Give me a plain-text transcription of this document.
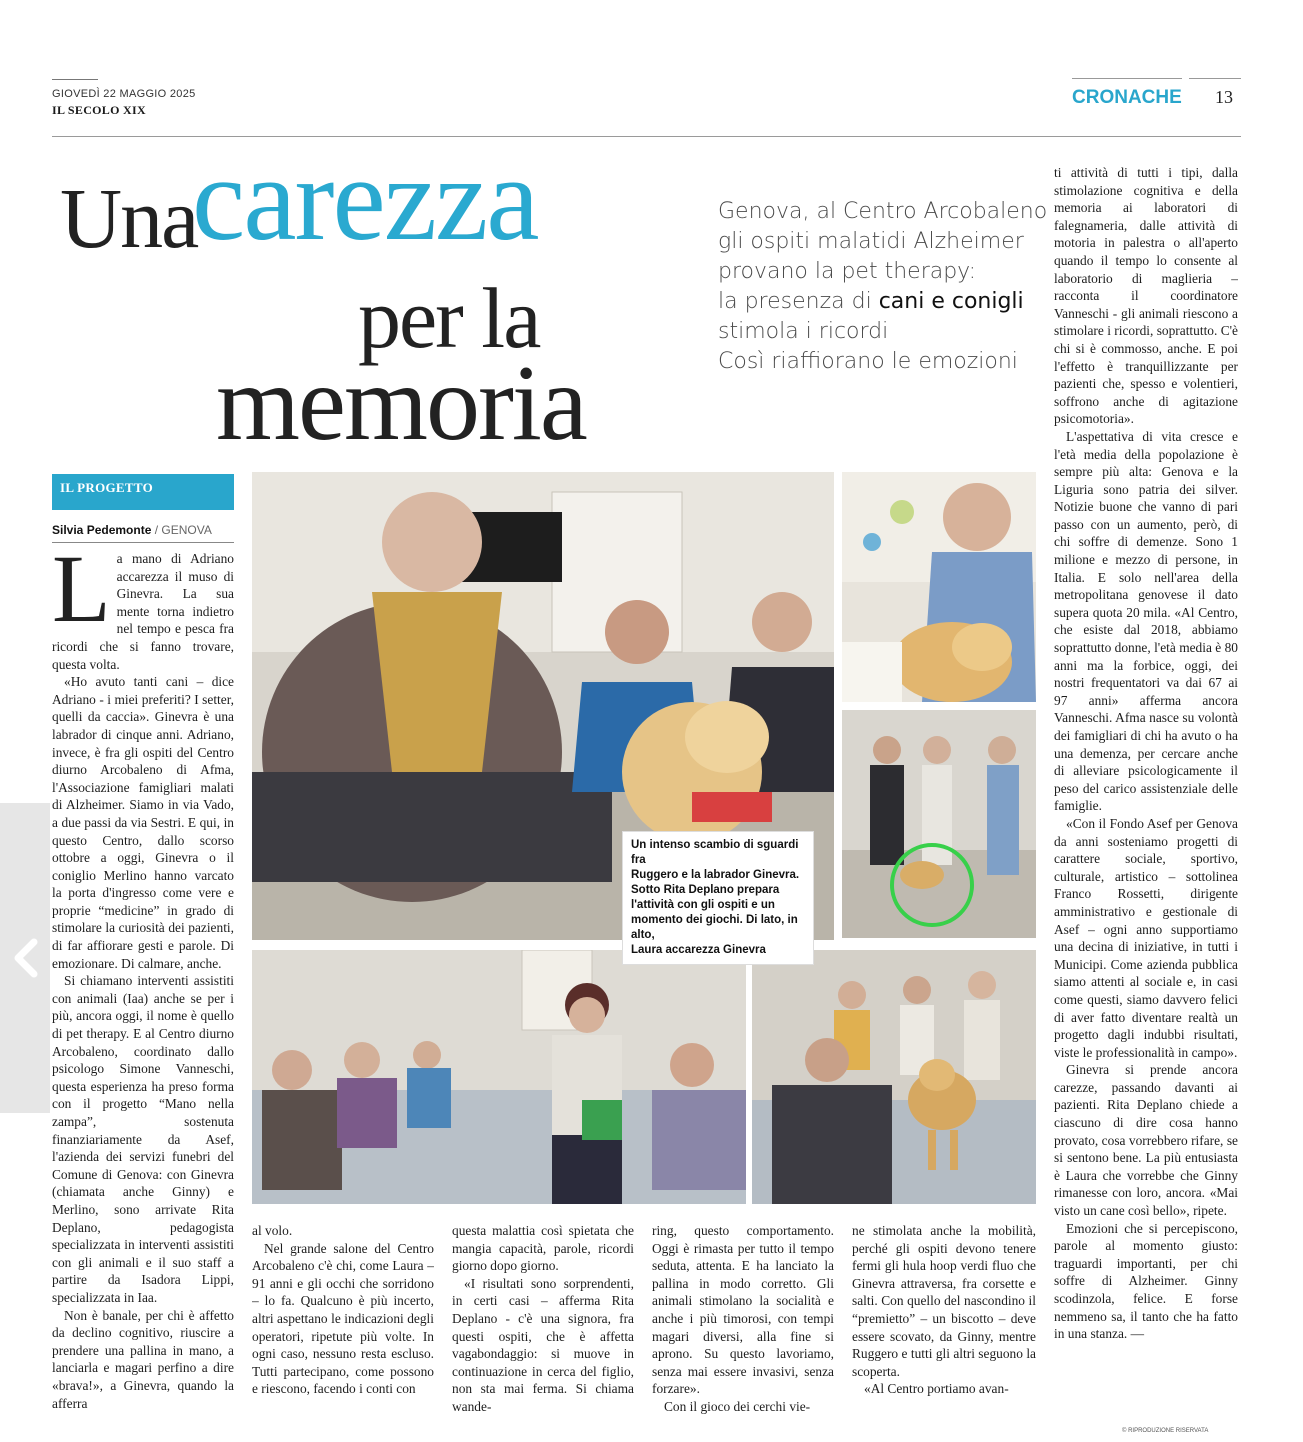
GIOVEDÌ 22 MAGGIO 2025
IL SECOLO XIX
CRONACHE 13
Una
carezza
per la
memoria
Genova, al Centro Arcobaleno
gli ospiti malatidi Alzheimer
provano la pet therapy:
la presenza di cani e conigli
stimola i ricordi
Così riaffiorano le emozioni
IL PROGETTO
Silvia Pedemonte / GENOVA

La mano di Adriano accarezza il muso di Ginevra. La sua mente torna indietro nel tempo e pesca fra ricordi che si fanno trovare, questa volta.

«Ho avuto tanti cani – dice Adriano - i miei preferiti? I setter, quelli da caccia». Ginevra è una labrador di cinque anni. Adriano, invece, è fra gli ospiti del Centro diurno Arcobaleno di Afma, l'Associazione famigliari malati di Alzheimer. Siamo in via Vado, a due passi da via Sestri. E qui, in questo Centro, dallo scorso ottobre a oggi, Ginevra o il coniglio Merlino hanno varcato la porta d'ingresso come vere e proprie “medicine” in grado di stimolare la curiosità dei pazienti, di far affiorare gesti e parole. Di emozionare. Di calmare, anche.

Si chiamano interventi assistiti con animali (Iaa) anche se per i più, ancora oggi, il nome è quello di pet therapy. E al Centro diurno Arcobaleno, coordinato dallo psicologo Simone Vanneschi, questa esperienza ha preso forma con il progetto “Mano nella zampa”, sostenuta finanziariamente da Asef, l'azienda dei servizi funebri del Comune di Genova: con Ginevra (chiamata anche Ginny) e Merlino, sono arrivate Rita Deplano, pedagogista specializzata in interventi assistiti con gli animali e il suo staff a partire da Isadora Lippi, specializzata in Iaa.

Non è banale, per chi è affetto da declino cognitivo, riuscire a prendere una pallina in mano, a lanciarla e magari perfino a dire «brava!», a Ginevra, quando la afferra

Un intenso scambio di sguardi fra
Ruggero e la labrador Ginevra.
Sotto Rita Deplano prepara
l'attività con gli ospiti e un
momento dei giochi. Di lato, in alto,
Laura accarezza Ginevra

al volo.

Nel grande salone del Centro Arcobaleno c'è chi, come Laura – 91 anni e gli occhi che sorridono – lo fa. Qualcuno è più incerto, altri aspettano le indicazioni degli operatori, ripetute più volte. In ogni caso, nessuno resta escluso. Tutti partecipano, come possono e riescono, facendo i conti con

questa malattia così spietata che mangia capacità, parole, ricordi giorno dopo giorno.

«I risultati sono sorprendenti, in certi casi – afferma Rita Deplano - c'è una signora, fra questi ospiti, che è affetta vagabondaggio: si muove in continuazione in cerca del figlio, non sta mai ferma. Si chiama wande-

ring, questo comportamento. Oggi è rimasta per tutto il tempo seduta, attenta. E ha lanciato la pallina in modo corretto. Gli animali stimolano la socialità e anche i più timorosi, con tempi magari diversi, alla fine si aprono. Su questo lavoriamo, senza mai essere invasivi, senza forzare».

Con il gioco dei cerchi vie-

ne stimolata anche la mobilità, perché gli ospiti devono tenere fermi gli hula hoop verdi fluo che Ginevra attraversa, fra corsette e salti. Con quello del nascondino il “premietto” – un biscotto – deve essere scovato, da Ginny, mentre Ruggero e tutti gli altri seguono la scoperta.

«Al Centro portiamo avan-

ti attività di tutti i tipi, dalla stimolazione cognitiva e della memoria ai laboratori di falegnameria, dalle attività di motoria in palestra o all'aperto quando il tempo lo consente al laboratorio di maglieria – racconta il coordinatore Vanneschi - gli animali riescono a stimolare i ricordi, soprattutto. C'è chi si è commosso, anche. E poi l'effetto è tranquillizzante per pazienti che, spesso e volentieri, soffrono anche di agitazione psicomotoria».

L'aspettativa di vita cresce e l'età media della popolazione è sempre più alta: Genova e la Liguria sono patria dei silver. Notizie buone che vanno di pari passo con un aumento, però, di chi soffre di demenze. Sono 1 milione e mezzo di persone, in Italia. E solo nell'area della metropolitana genovese il dato supera quota 20 mila. «Al Centro, che esiste dal 2018, abbiamo soprattutto donne, l'età media è 80 anni ma la forbice, oggi, dei nostri frequentatori va dai 67 ai 97 anni» afferma ancora Vanneschi. Afma nasce su volontà dei famigliari di chi ha avuto o ha una demenza, per cercare anche di alleviare psicologicamente il peso del carico assistenziale delle famiglie.

«Con il Fondo Asef per Genova da anni sosteniamo progetti di carattere sociale, sportivo, culturale, artistico – sottolinea Franco Rossetti, dirigente amministrativo e gestionale di Asef – ogni anno supportiamo una decina di iniziative, in tutti i Municipi. Come azienda pubblica siamo attenti al sociale e, in casi come questi, siamo davvero felici di aver fatto diventare realtà un progetto dagli indubbi risultati, viste le professionalità in campo».

Ginevra si prende ancora carezze, passando davanti ai pazienti. Rita Deplano chiede a ciascuno di dire cosa hanno provato, cosa vorrebbero rifare, se si sentono bene. La più entusiasta è Laura che vorrebbe che Ginny rimanesse con loro, ancora. «Mai visto un cane così bello», ripete.

Emozioni che si percepiscono, parole al momento giusto: traguardi importanti, per chi soffre di Alzheimer. Ginny scodinzola, felice. E forse nemmeno sa, il tanto che ha fatto in una stanza. —

© RIPRODUZIONE RISERVATA
